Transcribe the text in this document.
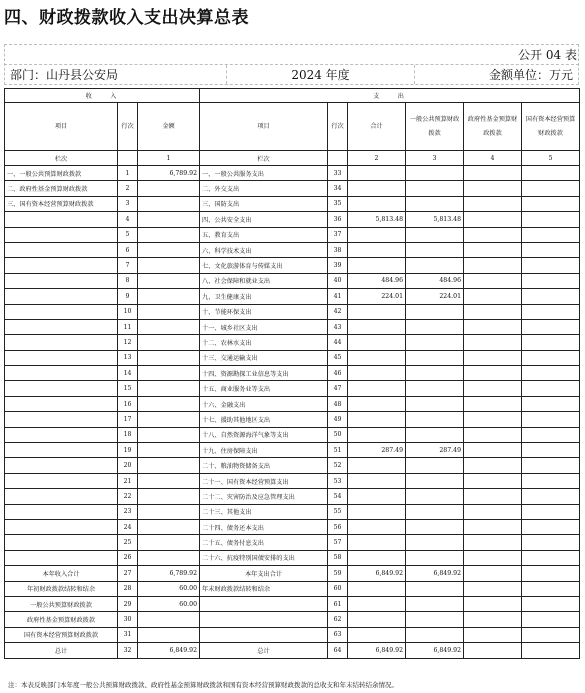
四、财政拨款收入支出决算总表
公开 04 表
部门：山丹县公安局	2024 年度	金额单位：万元
收　　入			支　　出					
项目	行次	金额	项目	行次	合计	一般公共预算财政拨款	政府性基金预算财政拨款	国有资本经营预算财政拨款
栏次		1	栏次		2	3	4	5
一、一般公共预算财政拨款	1	6,789.92	一、一般公共服务支出	33				
二、政府性基金预算财政拨款	2		二、外交支出	34				
三、国有资本经营预算财政拨款	3		三、国防支出	35				
	4		四、公共安全支出	36	5,813.48	5,813.48		
	5		五、教育支出	37				
	6		六、科学技术支出	38				
	7		七、文化旅游体育与传媒支出	39				
	8		八、社会保障和就业支出	40	484.96	484.96		
	9		九、卫生健康支出	41	224.01	224.01		
	10		十、节能环保支出	42				
	11		十一、城乡社区支出	43				
	12		十二、农林水支出	44				
	13		十三、交通运输支出	45				
	14		十四、资源勘探工业信息等支出	46				
	15		十五、商业服务业等支出	47				
	16		十六、金融支出	48				
	17		十七、援助其他地区支出	49				
	18		十八、自然资源海洋气象等支出	50				
	19		十九、住房保障支出	51	287.49	287.49		
	20		二十、粮油物资储备支出	52				
	21		二十一、国有资本经营预算支出	53				
	22		二十二、灾害防治及应急管理支出	54				
	23		二十三、其他支出	55				
	24		二十四、债务还本支出	56				
	25		二十五、债务付息支出	57				
	26		二十六、抗疫特别国债安排的支出	58				
本年收入合计	27	6,789.92	本年支出合计	59	6,849.92	6,849.92		
年初财政拨款结转和结余	28	60.00	年末财政拨款结转和结余	60				
一般公共预算财政拨款	29	60.00		61				
政府性基金预算财政拨款	30			62				
国有资本经营预算财政拨款	31			63				
总计	32	6,849.92	总计	64	6,849.92	6,849.92		
注：本表反映部门本年度一般公共预算财政拨款、政府性基金预算财政拨款和国有资本经营预算财政拨款的总收支和年末结转结余情况。
